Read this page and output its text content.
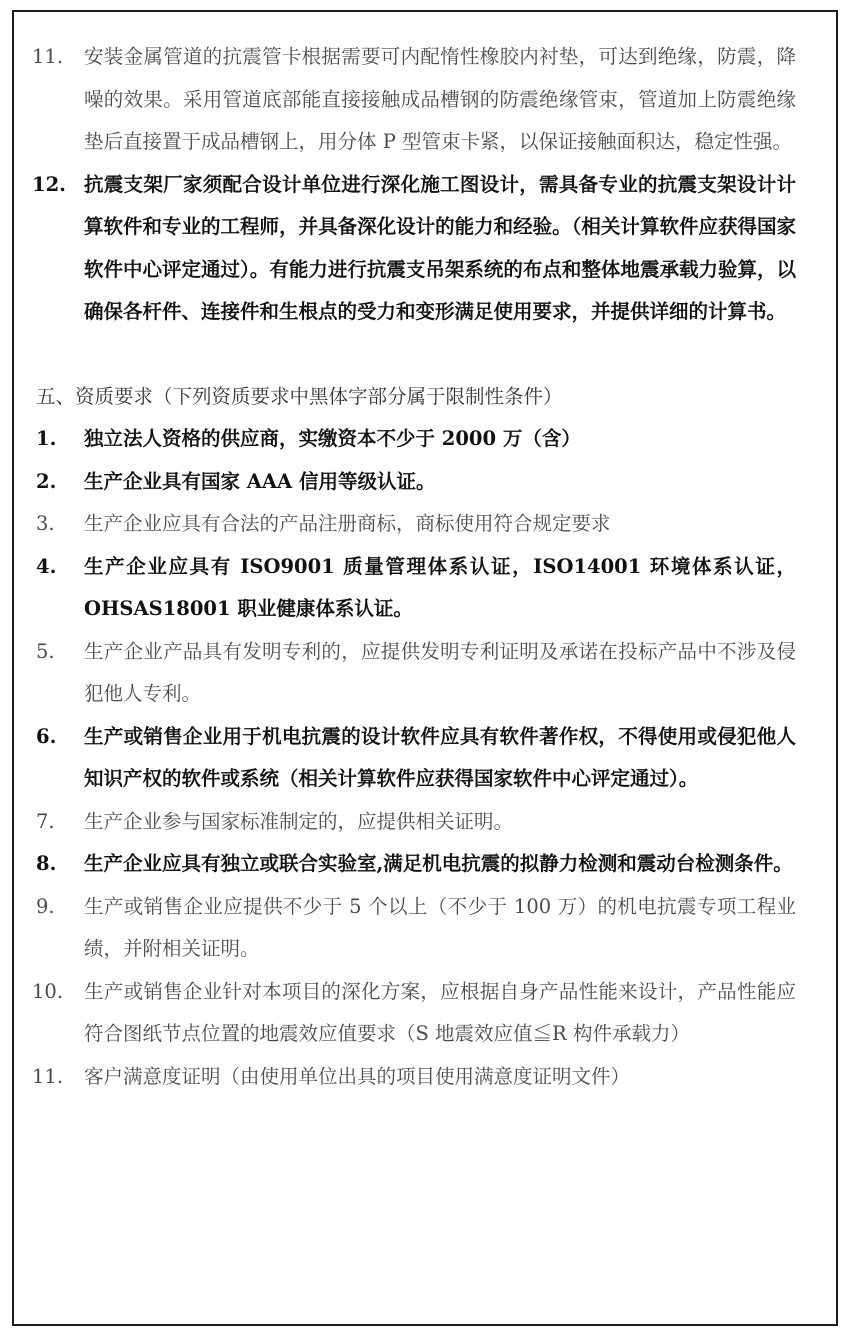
11.	安装金属管道的抗震管卡根据需要可内配惰性橡胶内衬垫，可达到绝缘，防震，降噪的效果。采用管道底部能直接接触成品槽钢的防震绝缘管束，管道加上防震绝缘垫后直接置于成品槽钢上，用分体 P 型管束卡紧，以保证接触面积达，稳定性强。
12. 抗震支架厂家须配合设计单位进行深化施工图设计，需具备专业的抗震支架设计计算软件和专业的工程师，并具备深化设计的能力和经验。（相关计算软件应获得国家软件中心评定通过）。有能力进行抗震支吊架系统的布点和整体地震承载力验算，以确保各杆件、连接件和生根点的受力和变形满足使用要求，并提供详细的计算书。
五、资质要求（下列资质要求中黑体字部分属于限制性条件）
1.	独立法人资格的供应商，实缴资本不少于 2000 万（含）
2.	生产企业具有国家 AAA 信用等级认证。
3.	生产企业应具有合法的产品注册商标，商标使用符合规定要求
4.	生产企业应具有 ISO9001 质量管理体系认证，ISO14001 环境体系认证，OHSAS18001 职业健康体系认证。
5.	生产企业产品具有发明专利的，应提供发明专利证明及承诺在投标产品中不涉及侵犯他人专利。
6.	生产或销售企业用于机电抗震的设计软件应具有软件著作权，不得使用或侵犯他人知识产权的软件或系统（相关计算软件应获得国家软件中心评定通过）。
7.	生产企业参与国家标准制定的，应提供相关证明。
8.	生产企业应具有独立或联合实验室,满足机电抗震的拟静力检测和震动台检测条件。
9.	生产或销售企业应提供不少于 5 个以上（不少于 100 万）的机电抗震专项工程业绩，并附相关证明。
10.	生产或销售企业针对本项目的深化方案，应根据自身产品性能来设计，产品性能应符合图纸节点位置的地震效应值要求（S 地震效应值≦R 构件承载力）
11.	客户满意度证明（由使用单位出具的项目使用满意度证明文件）
